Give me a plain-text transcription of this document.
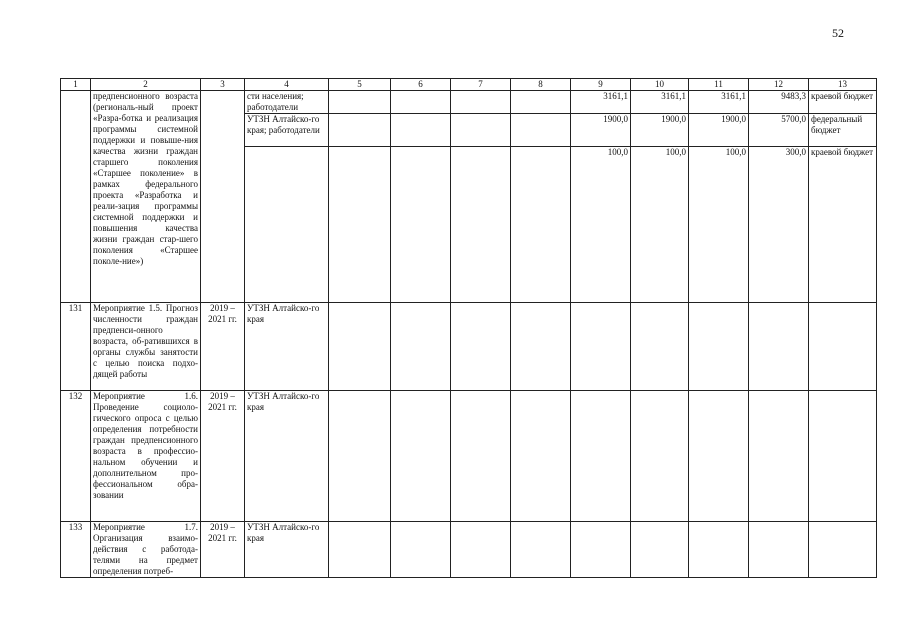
52
1	2	3	4	5	6	7	8	9	10	11	12	13
	предпенсионного возраста (региональ-ный проект «Разра-ботка и реализация программы системной поддержки и повыше-ния качества жизни граждан старшего поколения «Старшее поколение» в рамках федерального проекта «Разработка и реали-зация программы системной поддержки и повышения качества жизни граждан стар-шего поколения «Старшее поколе-ние»)		сти населения; работодатели					3161,1	3161,1	3161,1	9483,3	краевой бюджет
			УТЗН Алтайско-го края; работодатели					1900,0	1900,0	1900,0	5700,0	федеральный бюджет
								100,0	100,0	100,0	300,0	краевой бюджет
131	Мероприятие 1.5. Прогноз численности граждан предпенси-онного возраста, об-ратившихся в органы службы занятости с целью поиска подхо-дящей работы	2019 – 2021 гг.	УТЗН Алтайско-го края									
132	Мероприятие 1.6. Проведение социоло-гического опроса с целью определения потребности граждан предпенсионного возраста в профессио-нальном обучении и дополнительном про-фессиональном обра-зовании	2019 – 2021 гг.	УТЗН Алтайско-го края									
133	Мероприятие 1.7. Организация взаимо-действия с работода-телями на предмет определения потреб-	2019 – 2021 гг.	УТЗН Алтайско-го края									
